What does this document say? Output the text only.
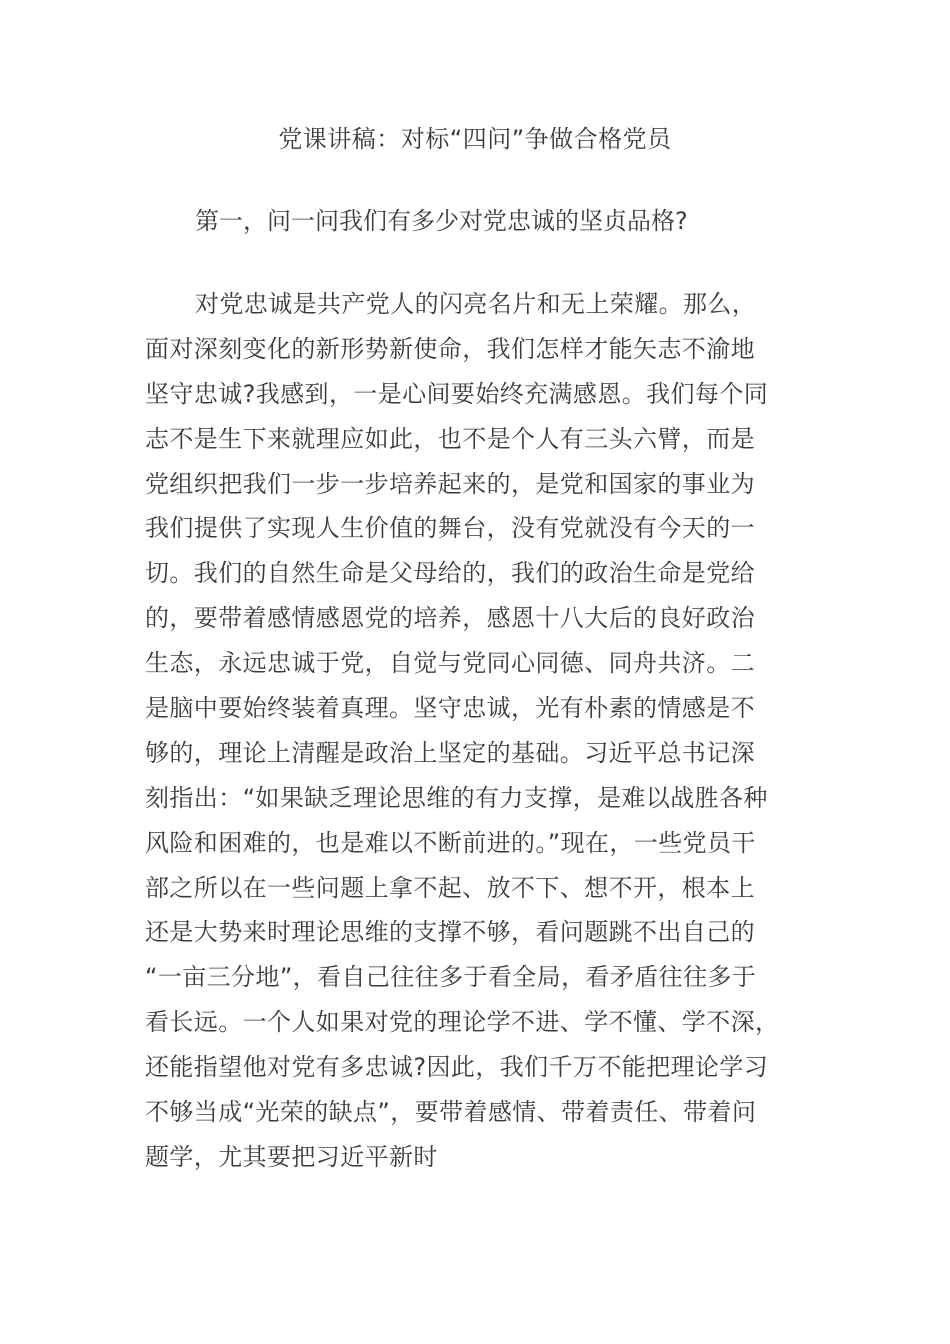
党课讲稿：对标“四问”争做合格党员
第一，问一问我们有多少对党忠诚的坚贞品格?
对党忠诚是共产党人的闪亮名片和无上荣耀。那么，
面对深刻变化的新形势新使命，我们怎样才能矢志不渝地
坚守忠诚?我感到，一是心间要始终充满感恩。我们每个同
志不是生下来就理应如此，也不是个人有三头六臂，而是
党组织把我们一步一步培养起来的，是党和国家的事业为
我们提供了实现人生价值的舞台，没有党就没有今天的一
切。我们的自然生命是父母给的，我们的政治生命是党给
的，要带着感情感恩党的培养，感恩十八大后的良好政治
生态，永远忠诚于党，自觉与党同心同德、同舟共济。二
是脑中要始终装着真理。坚守忠诚，光有朴素的情感是不
够的，理论上清醒是政治上坚定的基础。习近平总书记深
刻指出：“如果缺乏理论思维的有力支撑，是难以战胜各种
风险和困难的，也是难以不断前进的。”现在，一些党员干
部之所以在一些问题上拿不起、放不下、想不开，根本上
还是大势来时理论思维的支撑不够，看问题跳不出自己的
“一亩三分地”，看自己往往多于看全局，看矛盾往往多于
看长远。一个人如果对党的理论学不进、学不懂、学不深，
还能指望他对党有多忠诚?因此，我们千万不能把理论学习
不够当成“光荣的缺点”，要带着感情、带着责任、带着问
题学，尤其要把习近平新时
